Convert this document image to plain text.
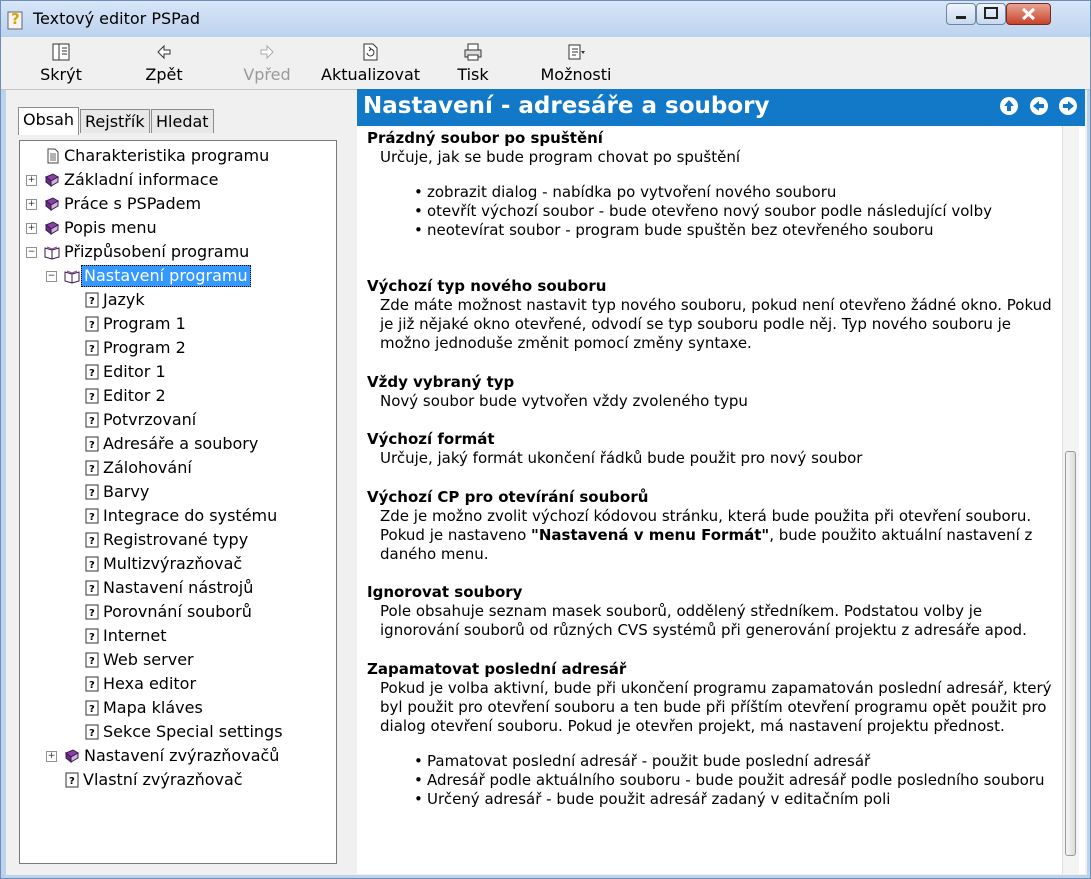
? Textový editor PSPad
Skrýt	Zpět	Vpřed Aktualizovat Tisk	Možnosti
Obsah Rejstřík Hledat
Charakteristika programu
+ Základní informace
+ Práce s PSPadem
+ Popis menu
− Přizpůsobení programu
− Nastavení programu
? Jazyk
? Program 1
? Program 2
? Editor 1
? Editor 2
? Potvrzovaní
? Adresáře a soubory
? Zálohování
? Barvy
? Integrace do systému
? Registrované typy
? Multizvýrazňovač
? Nastavení nástrojů
? Porovnání souborů
? Internet
? Web server
? Hexa editor
? Mapa kláves
? Sekce Special settings
+ Nastavení zvýrazňovačů
? Vlastní zvýrazňovač
Nastavení - adresáře a soubory
Prázdný soubor po spuštění
Určuje, jak se bude program chovat po spuštění
• zobrazit dialog - nabídka po vytvoření nového souboru
• otevřít výchozí soubor - bude otevřeno nový soubor podle následující volby
• neotevírat soubor - program bude spuštěn bez otevřeného souboru
Výchozí typ nového souboru
Zde máte možnost nastavit typ nového souboru, pokud není otevřeno žádné okno. Pokud
je již nějaké okno otevřené, odvodí se typ souboru podle něj. Typ nového souboru je
možno jednoduše změnit pomocí změny syntaxe.
Vždy vybraný typ
Nový soubor bude vytvořen vždy zvoleného typu
Výchozí formát
Určuje, jaký formát ukončení řádků bude použit pro nový soubor
Výchozí CP pro otevírání souborů
Zde je možno zvolit výchozí kódovou stránku, která bude použita při otevření souboru.
Pokud je nastaveno "Nastavená v menu Formát", bude použito aktuální nastavení z
daného menu.
Ignorovat soubory
Pole obsahuje seznam masek souborů, oddělený středníkem. Podstatou volby je
ignorování souborů od různých CVS systémů při generování projektu z adresáře apod.
Zapamatovat poslední adresář
Pokud je volba aktivní, bude při ukončení programu zapamatován poslední adresář, který
byl použit pro otevření souboru a ten bude při příštím otevření programu opět použit pro
dialog otevření souboru. Pokud je otevřen projekt, má nastavení projektu přednost.
• Pamatovat poslední adresář - použit bude poslední adresář
• Adresář podle aktuálního souboru - bude použit adresář podle posledního souboru
• Určený adresář - bude použit adresář zadaný v editačním poli
